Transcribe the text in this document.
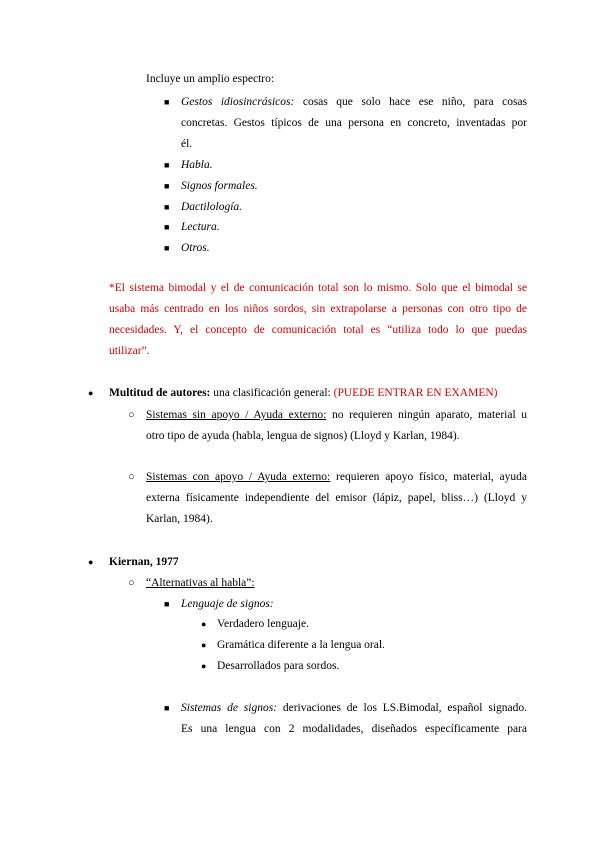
Incluye un amplio espectro:
■ Gestos idiosincrásicos: cosas que solo hace ese niño, para cosas
concretas. Gestos típicos de una persona en concreto, inventadas por
él.
■ Habla.
■ Signos formales.
■ Dactilología.
■ Lectura.
■ Otros.
*El sistema bimodal y el de comunicación total son lo mismo. Solo que el bimodal se
usaba más centrado en los niños sordos, sin extrapolarse a personas con otro tipo de
necesidades. Y, el concepto de comunicación total es “utiliza todo lo que puedas
utilizar”.
● Multitud de autores: una clasificación general: (PUEDE ENTRAR EN EXAMEN)
○ Sistemas sin apoyo / Ayuda externo: no requieren ningún aparato, material u
otro tipo de ayuda (habla, lengua de signos) (Lloyd y Karlan, 1984).
○ Sistemas con apoyo / Ayuda externo: requieren apoyo físico, material, ayuda
externa físicamente independiente del emisor (lápiz, papel, bliss…) (Lloyd y
Karlan, 1984).
● Kiernan, 1977
○ “Alternativas al habla”:
■ Lenguaje de signos:
● Verdadero lenguaje.
● Gramática diferente a la lengua oral.
● Desarrollados para sordos.
■ Sistemas de signos: derivaciones de los LS.Bimodal, español signado.
Es una lengua con 2 modalidades, diseñados específicamente para
